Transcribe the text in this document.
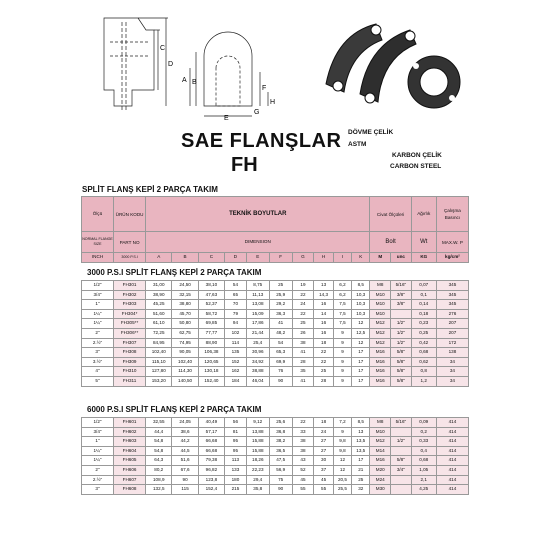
C
D
A B
E
F
H
G
SAE FLANŞLAR
FH
DÖVME ÇELİK
ASTM
KARBON ÇELİK
CARBON STEEL
SPLİT FLANŞ KEPİ 2 PARÇA TAKIM
Ölçü	ÜRÜN KODU	TEKNİK BOYUTLAR										Civat Ölçüleri		Ağırlık	Çalışma Basıncı
NORMAL FLANGE SIZE	PART NO	DIMENSION										Bolt		Wt	MAX.W. P
INCH	3000 P.S.I	A	B	C	D	E	F	G	H	I	K	M	unc	KG	kg/cm²
3000 P.S.I SPLİT FLANŞ KEPİ 2 PARÇA TAKIM
1/2"	FH301	31,00	24,50	38,10	54	8,75	25	19	13	6,2	8,5	M8	5/16"	0,07	345
3/4"	FH302	38,90	32,15	47,63	65	11,13	25,9	22	14,3	6,2	10,3	M10	3/8"	0,1	345
1"	FH303	45,25	38,80	52,37	70	13,08	29,2	24	16	7,5	10,3	M10	3/8"	0,14	345
1¼"	FH304*	51,60	45,70	58,72	79	15,09	36,3	22	14	7,5	10,3	M10		0,18	276
1¼"	FH305**	61,10	50,80	69,85	94	17,86	41	25	16	7,5	12	M12	1/2"	0,23	207
2"	FH306**	72,25	62,75	77,77	102	21,44	48,2	26	16	9	12,5	M12	1/2"	0,25	207
2.½"	FH307	84,95	74,95	88,90	114	25,4	54	38	18	9	12	M12	1/2"	0,42	172
3"	FH308	102,40	90,05	106,38	135	30,96	65,3	41	22	9	17	M16	5/8"	0,68	138
3.½"	FH309	115,10	102,40	120,65	152	34,92	69,9	28	22	9	17	M16	5/8"	0,62	34
4"	FH310	127,80	114,30	130,18	162	38,88	76	35	25	9	17	M16	5/8"	0,8	34
5"	FH311	153,20	140,50	152,40	184	46,04	90	41	28	9	17	M16	5/8"	1,2	34
6000 P.S.I SPLİT FLANŞ KEPİ 2 PARÇA TAKIM
1/2"	FH601	32,55	24,05	40,49	56	9,12	25,6	22	18	7,2	8,5	M8	5/16"	0,09	414
3/4"	FH602	44,4	38,6	57,17	81	13,88	36,8	33	24	9	13	M10		0,2	414
1"	FH603	54,8	44,2	66,68	95	15,88	38,2	38	27	9,8	13,5	M12	1/2"	0,33	414
1¼"	FH604	54,8	44,5	66,68	95	15,88	36,5	38	27	9,8	13,5	M14		0,4	414
1¼"	FH605	64,3	51,6	79,38	113	18,26	47,5	43	30	12	17	M16	5/8"	0,68	414
2"	FH606	80,2	67,6	96,82	133	22,23	56,9	52	37	12	21	M20	3/4"	1,05	414
2.½"	FH607	108,9	90	123,8	180	29,4	75	45	45	20,5	25	M24		2,1	414
3"	FH608	132,5	115	152,4	215	35,8	90	55	55	25,5	32	M30		4,25	414
